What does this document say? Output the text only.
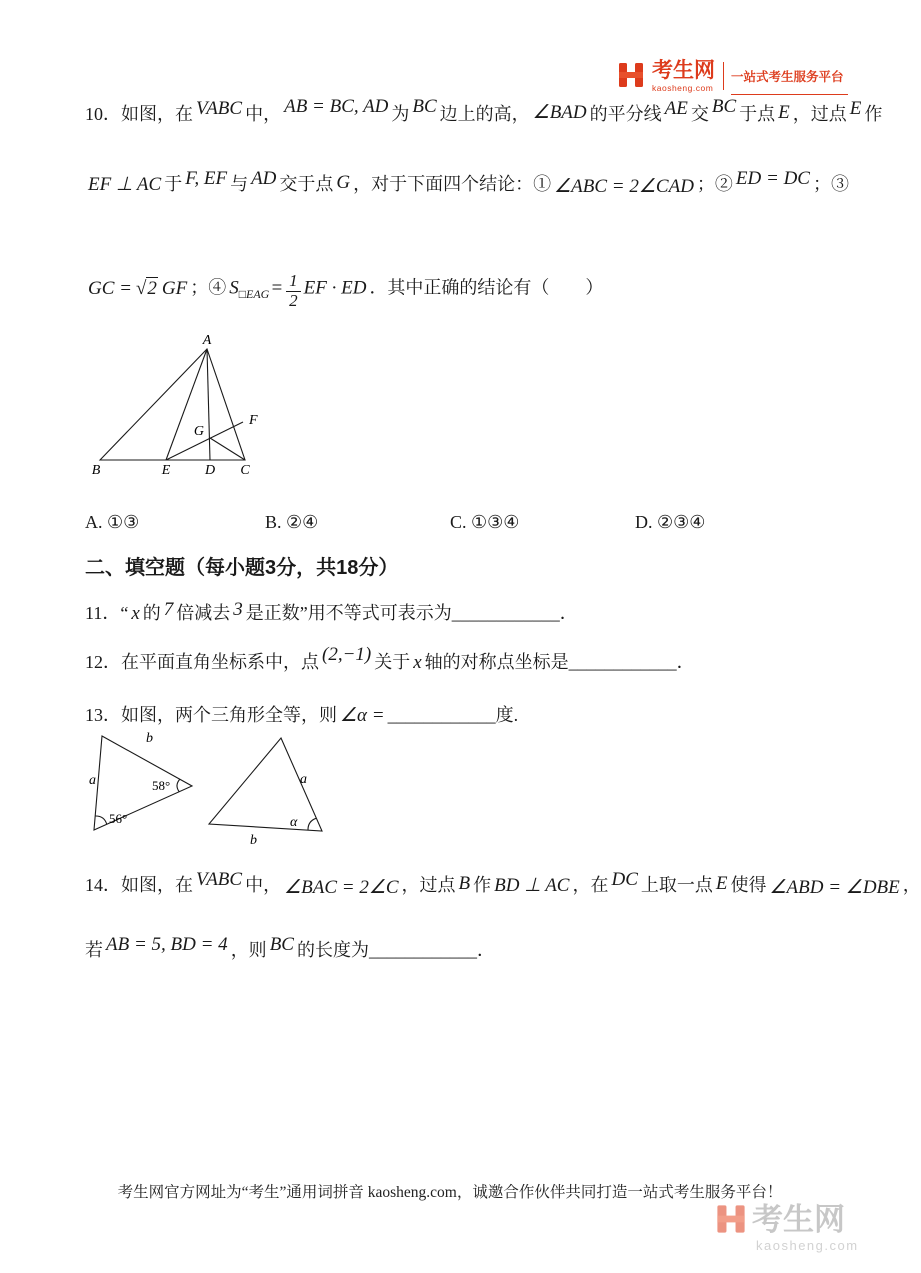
考生网
kaosheng.com
一站式考生服务平台
10．如图，在 VABC 中， AB = BC, AD 为 BC 边上的高， ∠BAD 的平分线 AE 交 BC 于点 E ，过点 E 作
EF ⊥ AC 于 F, EF 与 AD 交于点 G ，对于下面四个结论：① ∠ABC = 2∠CAD ；② ED = DC ；③
GC = √2 GF ；④ $S_{□EAG}= \frac{1}{2}$ EF · ED ．其中正确的结论有（　　）
A
B	E D C
F
G
A. ①③	B. ②④	C. ①③④	D. ②③④
二、填空题（每小题3分，共18分）
11．“ x 的 7 倍减去 3 是正数”用不等式可表示为____________．
12．在平面直角坐标系中，点 (2,−1) 关于 x 轴的对称点坐标是____________．
13．如图，两个三角形全等，则 ∠α = ____________度.
b
a	58°
56°
a
b
α
14．如图，在 VABC 中， ∠BAC = 2∠C ，过点 B 作 BD ⊥ AC ，在 DC 上取一点 E 使得 ∠ABD = ∠DBE ，
若 AB = 5, BD = 4 ，则 BC 的长度为____________．
考生网官方网址为“考生”通用词拼音 kaosheng.com，诚邀合作伙伴共同打造一站式考生服务平台！
考生网
kaosheng.com
